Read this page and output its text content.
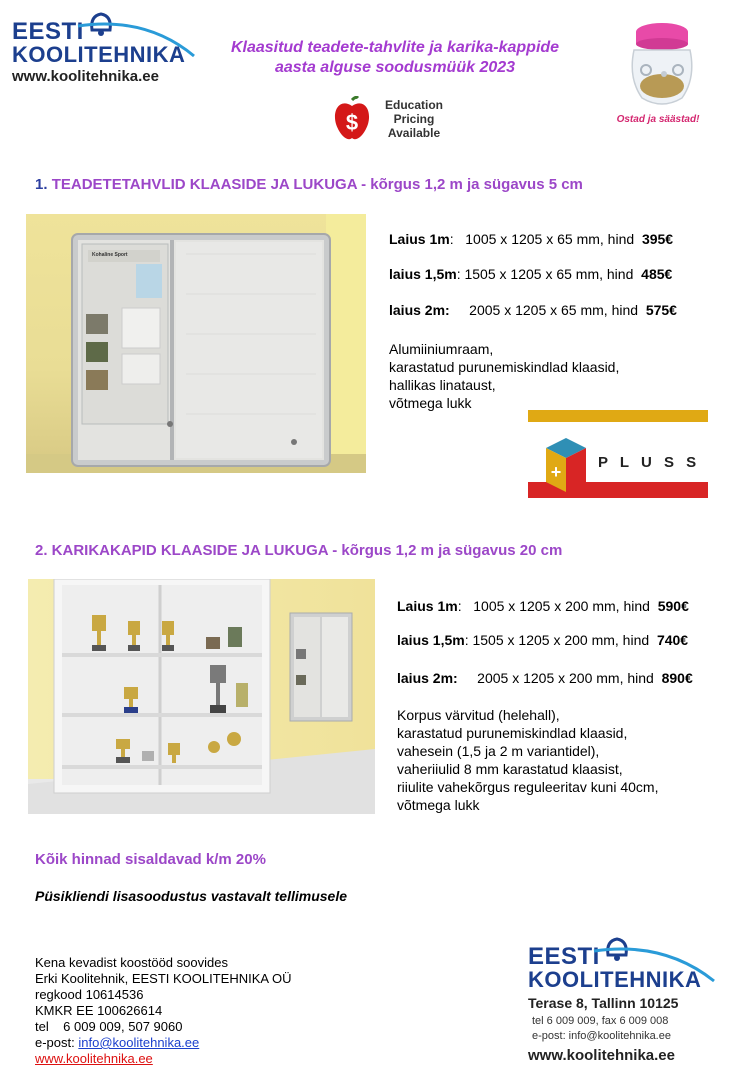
EESTI
KOOLITEHNIKA
www.koolitehnika.ee
Klaasitud teadete-tahvlite ja karika-kappide
aasta alguse soodusmüük 2023
$
Education
Pricing
Available
Ostad ja säästad!
1. TEADETETAHVLID KLAASIDE JA LUKUGA - kõrgus 1,2 m ja sügavus 5 cm
Kohaline Sport
Laius 1m: 1005 x 1205 x 65 mm, hind 395€
laius 1,5m: 1505 x 1205 x 65 mm, hind 485€
laius 2m: 2005 x 1205 x 65 mm, hind 575€
Alumiiniumraam,
karastatud purunemiskindlad klaasid,
hallikas linataust,
võtmega lukk
+ P L U S S
2. KARIKAKAPID KLAASIDE JA LUKUGA - kõrgus 1,2 m ja sügavus 20 cm
Laius 1m: 1005 x 1205 x 200 mm, hind 590€
laius 1,5m: 1505 x 1205 x 200 mm, hind 740€
laius 2m: 2005 x 1205 x 200 mm, hind 890€
Korpus värvitud (helehall),
karastatud purunemiskindlad klaasid,
vahesein (1,5 ja 2 m variantidel),
vaheriiulid 8 mm karastatud klaasist,
riiulite vahekõrgus reguleeritav kuni 40cm,
võtmega lukk
Kõik hinnad sisaldavad k/m 20%
Püsikliendi lisasoodustus vastavalt tellimusele
Kena kevadist koostööd soovides
Erki Koolitehnik, EESTI KOOLITEHNIKA OÜ
regkood 10614536
KMKR EE 100626614
tel    6 009 009, 507 9060
e-post: info@koolitehnika.ee
www.koolitehnika.ee
EESTI
KOOLITEHNIKA
Terase 8, Tallinn 10125
tel 6 009 009, fax 6 009 008
e-post: info@koolitehnika.ee
www.koolitehnika.ee
